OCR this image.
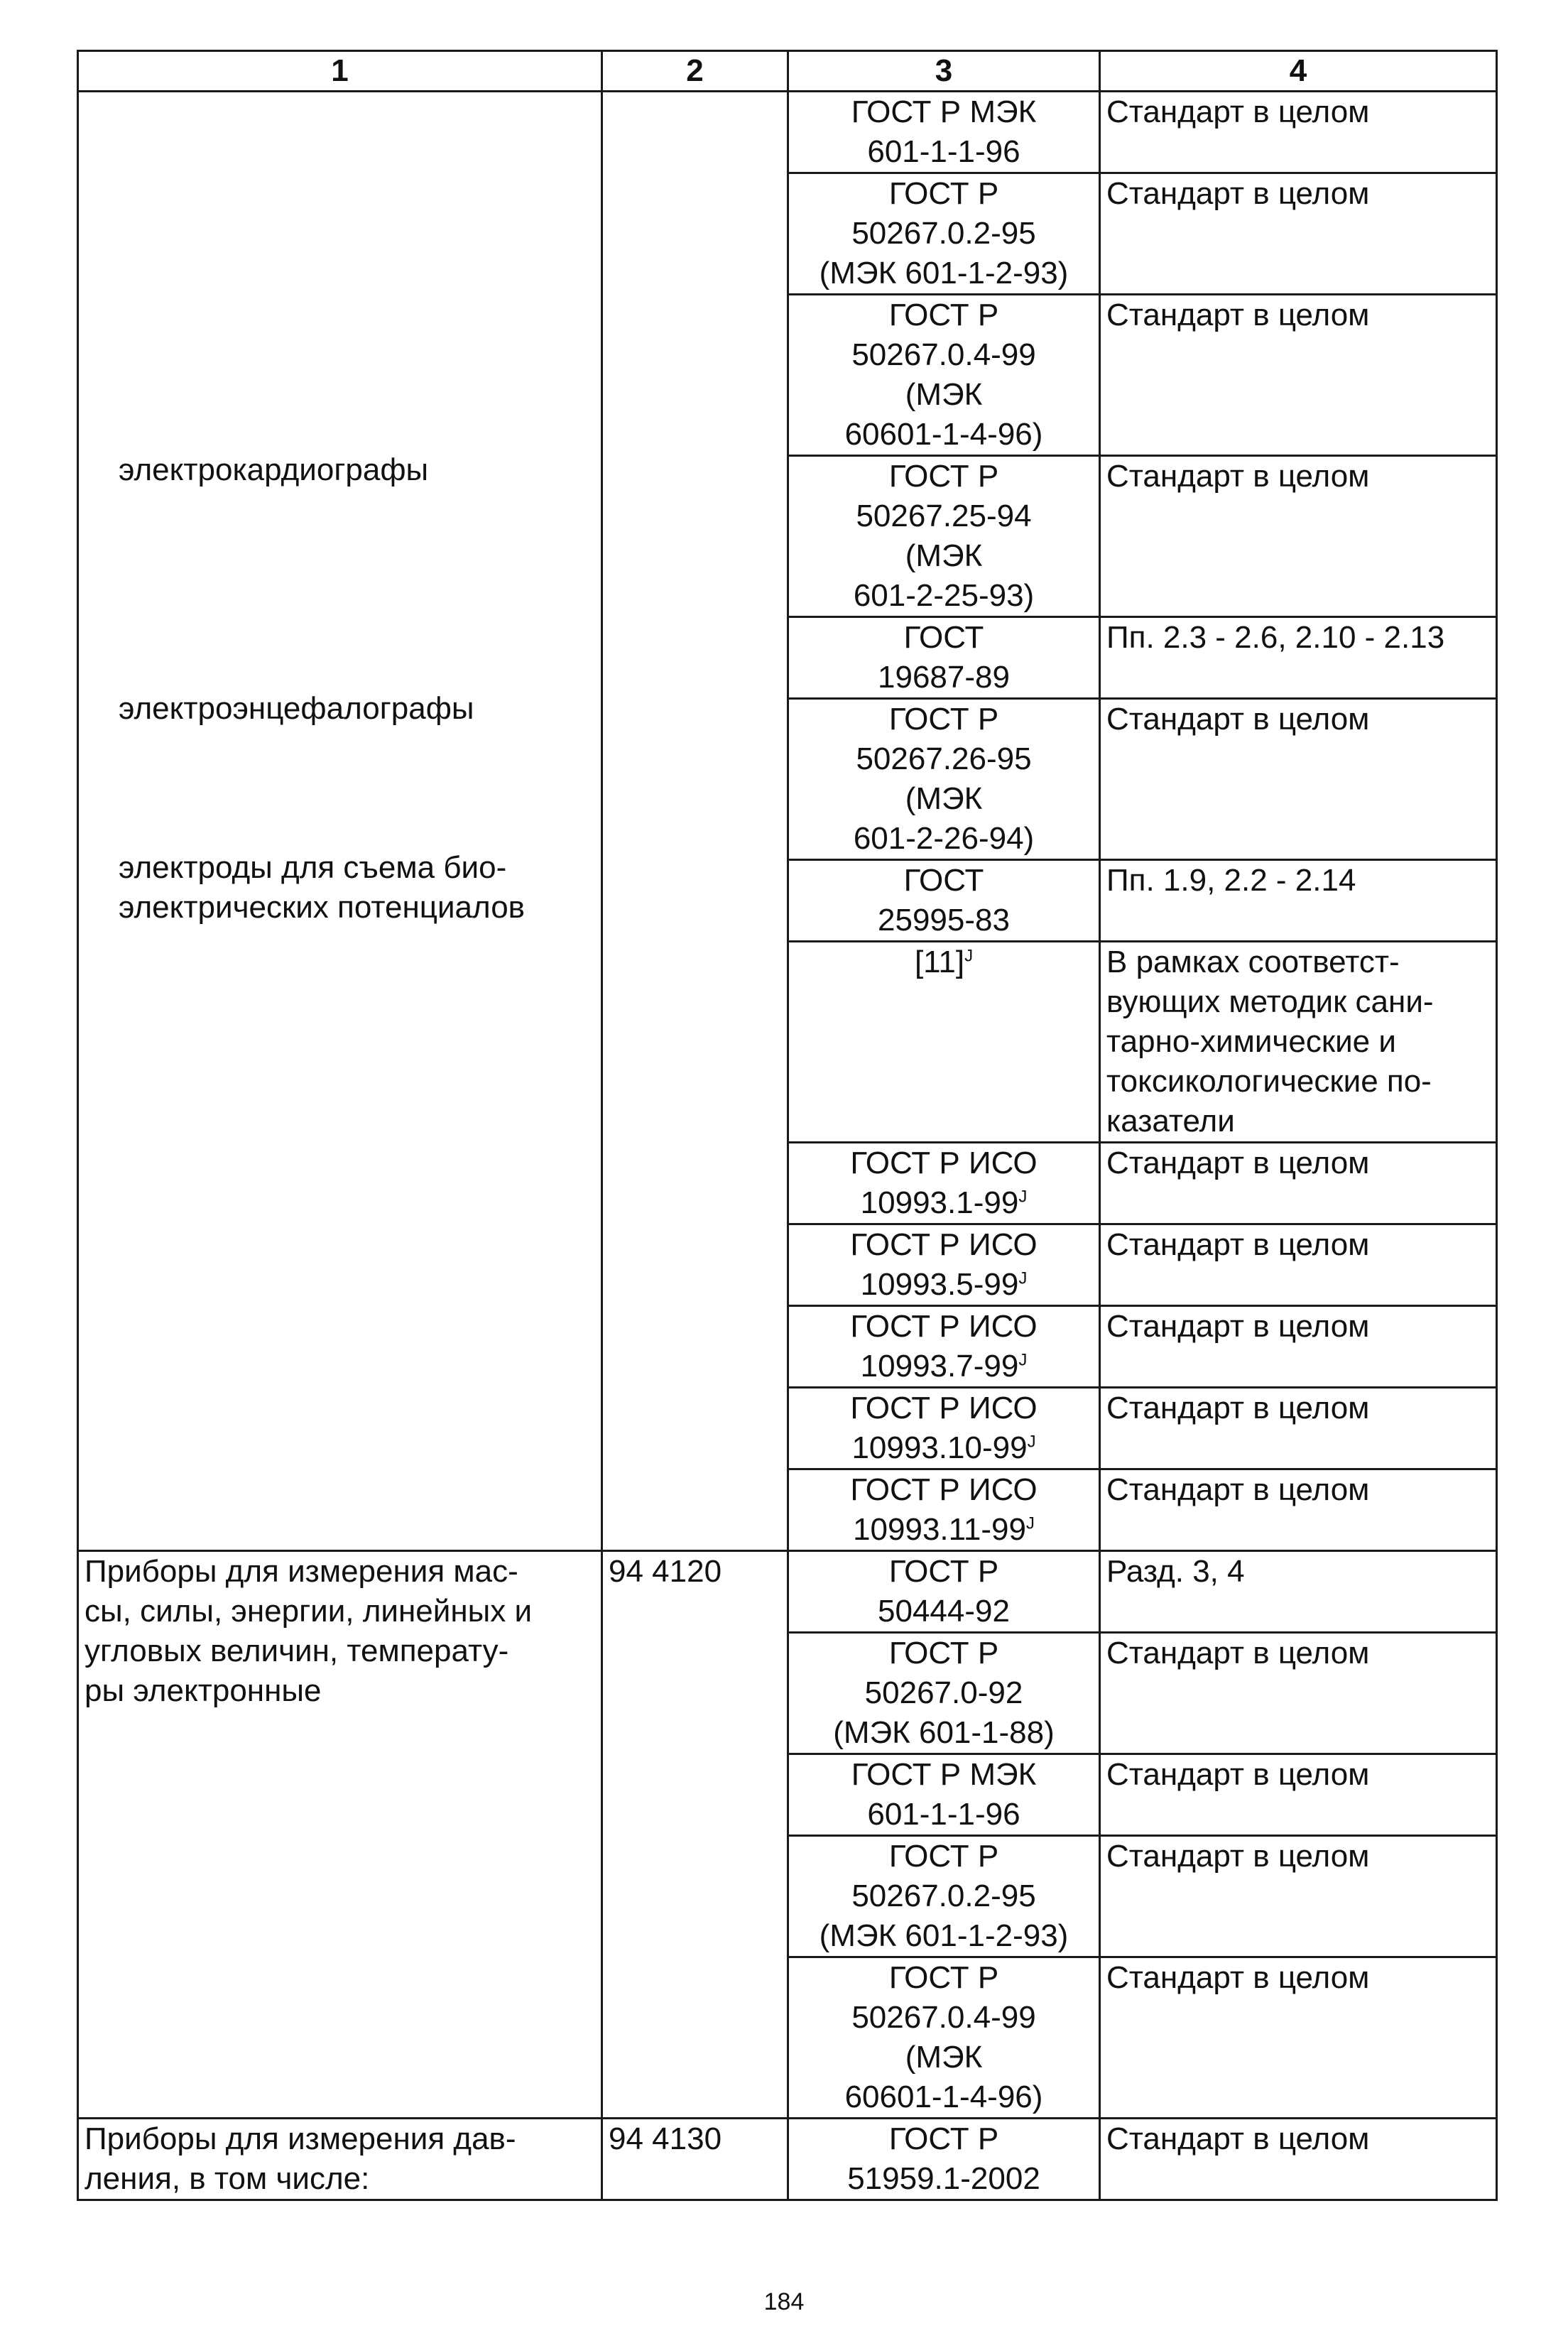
1	2	3	4

электрокардиографы
электроэнцефалографы
электроды для съема био-
электрических потенциалов		ГОСТ Р МЭК
601-1-1-96	Стандарт в целом

		ГОСТ Р
50267.0.2-95
(МЭК 601-1-2-93)	Стандарт в целом

		ГОСТ Р
50267.0.4-99
(МЭК
60601-1-4-96)	Стандарт в целом

		ГОСТ Р
50267.25-94
(МЭК
601-2-25-93)	Стандарт в целом

		ГОСТ
19687-89	Пп. 2.3 - 2.6, 2.10 - 2.13

		ГОСТ Р
50267.26-95
(МЭК
601-2-26-94)	Стандарт в целом

		ГОСТ
25995-83	Пп. 1.9, 2.2 - 2.14

		$[11]^J$	В рамках соответст-
вующих методик сани-
тарно-химические и
токсикологические по-
казатели

		ГОСТ Р ИСО
$10993.1-99^J$	Стандарт в целом

		ГОСТ Р ИСО
$10993.5-99^J$	Стандарт в целом

		ГОСТ Р ИСО
$10993.7-99^J$	Стандарт в целом

		ГОСТ Р ИСО
$10993.10-99^J$	Стандарт в целом

		ГОСТ Р ИСО
$10993.11-99^J$	Стандарт в целом

Приборы для измерения мас-
сы, силы, энергии, линейных и
угловых величин, температу-
ры электронные	94 4120	ГОСТ Р
50444-92	Разд. 3, 4

		ГОСТ Р
50267.0-92
(МЭК 601-1-88)	Стандарт в целом

		ГОСТ Р МЭК
601-1-1-96	Стандарт в целом

		ГОСТ Р
50267.0.2-95
(МЭК 601-1-2-93)	Стандарт в целом

		ГОСТ Р
50267.0.4-99
(МЭК
60601-1-4-96)	Стандарт в целом

Приборы для измерения дав-
ления, в том числе:	94 4130	ГОСТ Р
51959.1-2002	Стандарт в целом
184
